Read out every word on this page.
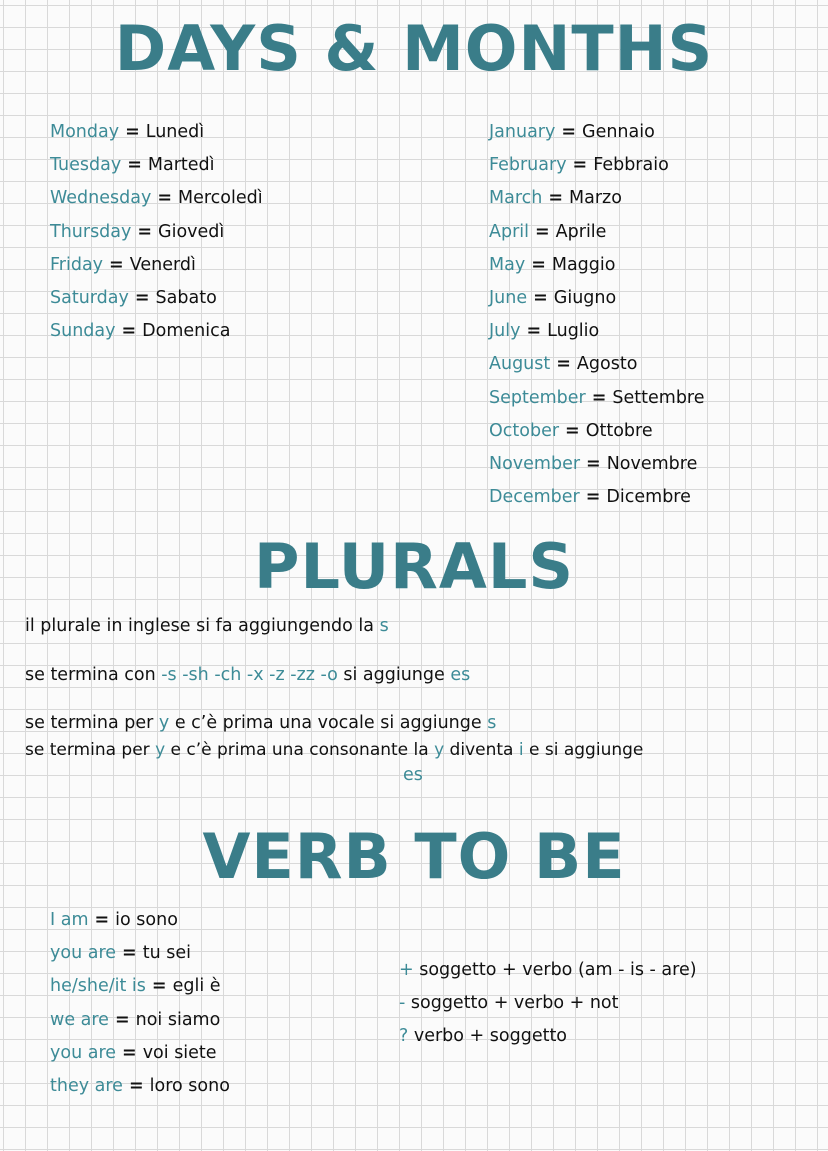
DAYS & MONTHS
Monday = Lunedì
Tuesday = Martedì
Wednesday = Mercoledì
Thursday = Giovedì
Friday = Venerdì
Saturday = Sabato
Sunday = Domenica
January = Gennaio
February = Febbraio
March = Marzo
April = Aprile
May = Maggio
June = Giugno
July = Luglio
August = Agosto
September = Settembre
October = Ottobre
November = Novembre
December = Dicembre
PLURALS
il plurale in inglese si fa aggiungendo la s
se termina con -s -sh -ch -x -z -zz -o si aggiunge es
se termina per y e c’è prima una vocale si aggiunge s
se termina per y e c’è prima una consonante la y diventa i e si aggiunge
es
VERB TO BE
I am = io sono
you are = tu sei
he/she/it is = egli è
we are = noi siamo
you are = voi siete
they are = loro sono
+ soggetto + verbo (am - is - are)
- soggetto + verbo + not
? verbo + soggetto
